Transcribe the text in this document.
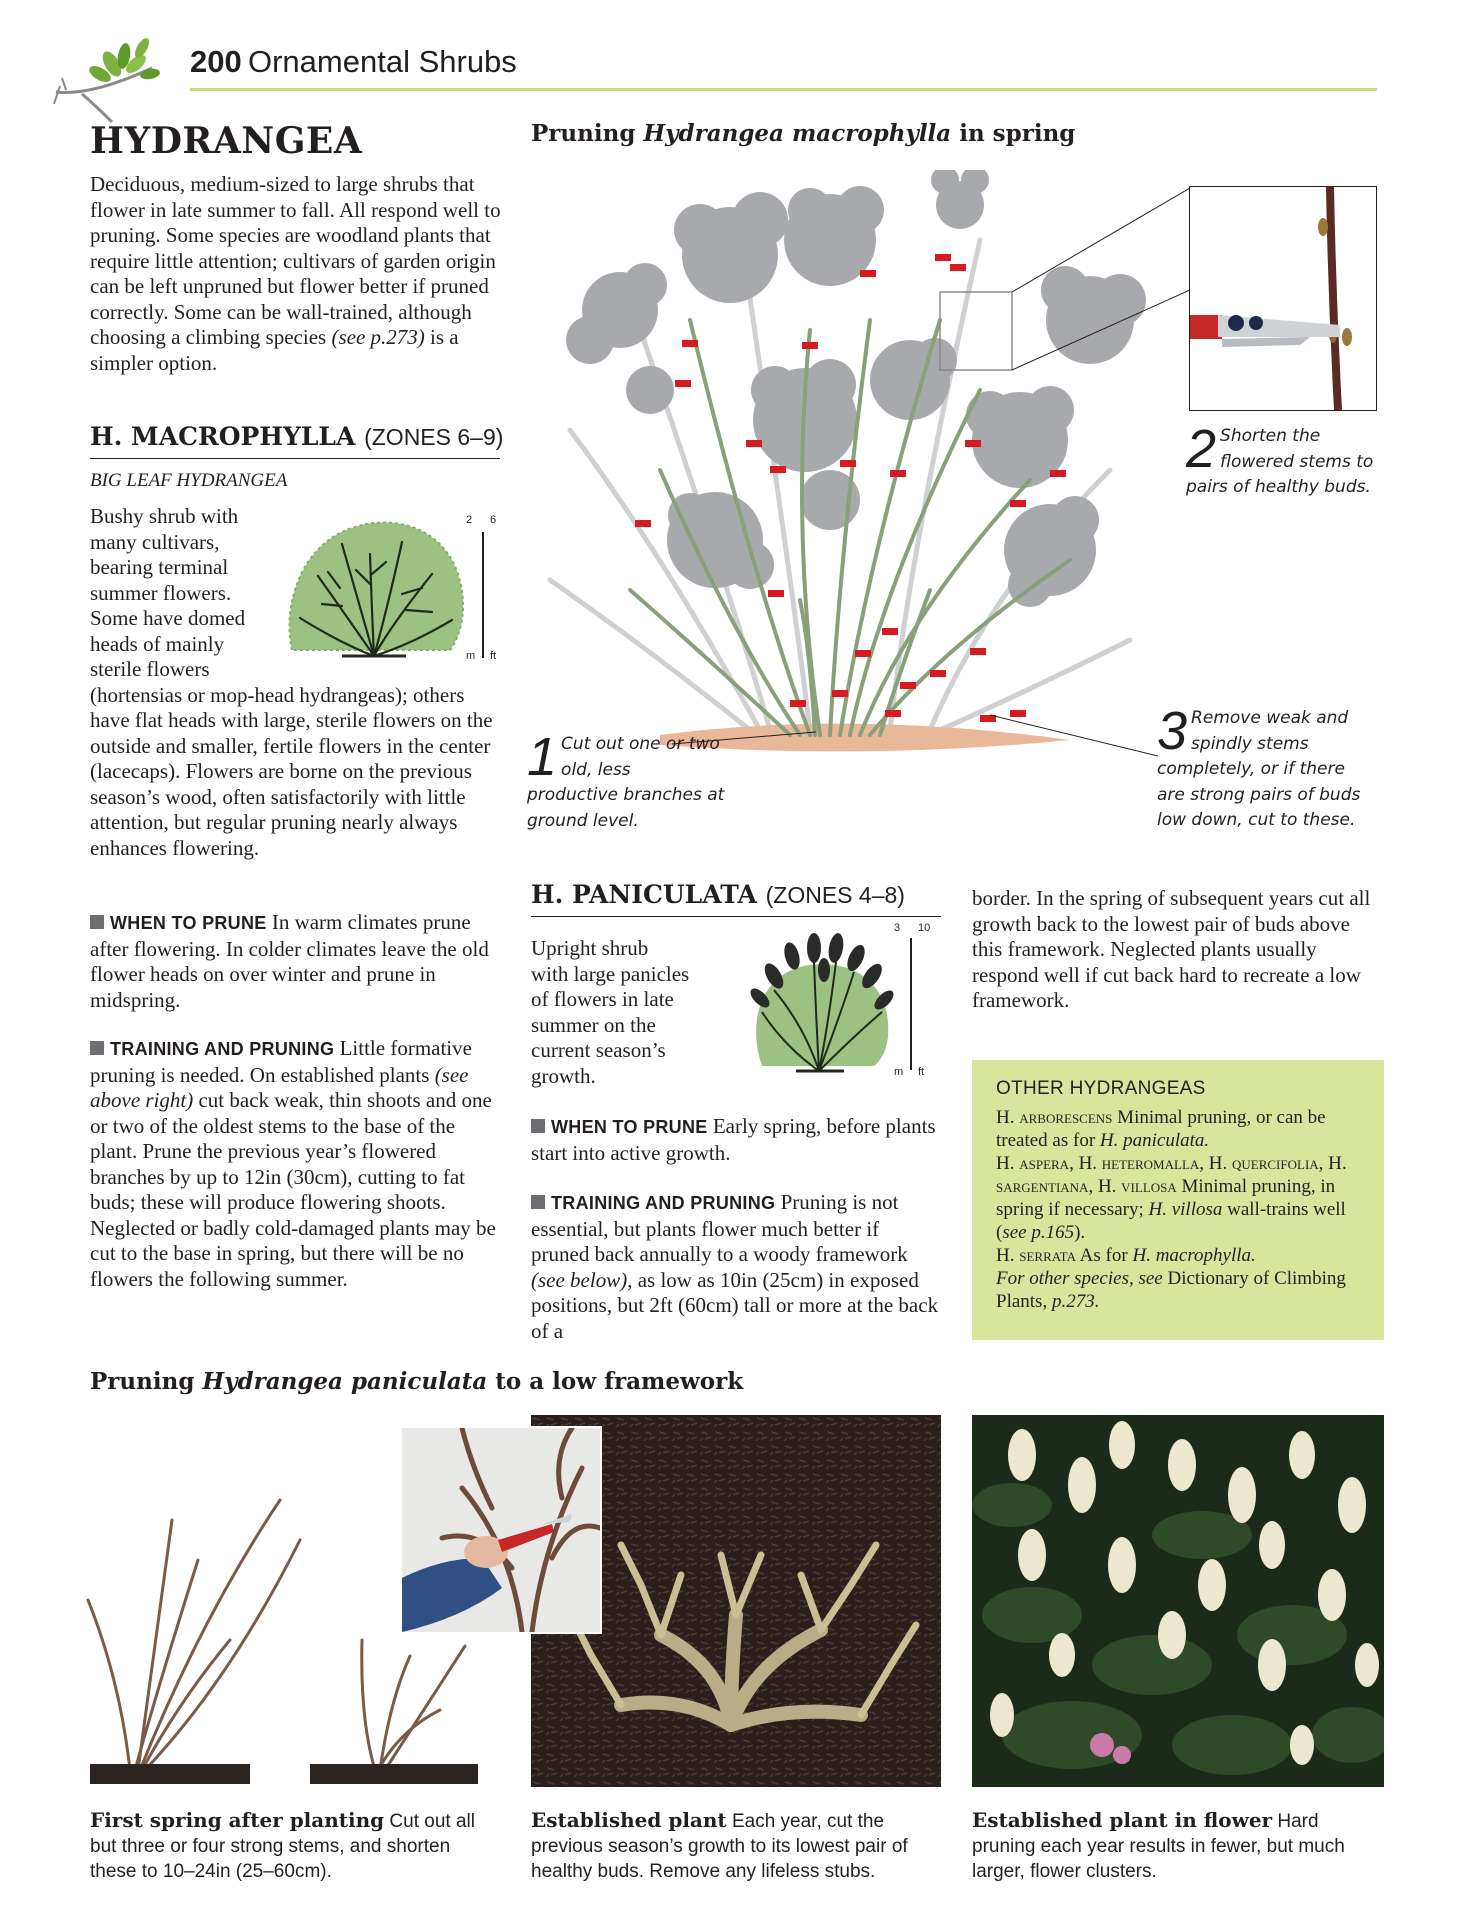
200 Ornamental Shrubs
HYDRANGEA
Deciduous, medium-sized to large shrubs that flower in late summer to fall. All respond well to pruning. Some species are woodland plants that require little attention; cultivars of garden origin can be left unpruned but flower better if pruned correctly. Some can be wall-trained, although choosing a climbing species (see p.273) is a simpler option.
H. MACROPHYLLA (ZONES 6–9)
BIG LEAF HYDRANGEA
2 6
m ft
Bushy shrub with
many cultivars,
bearing terminal
summer flowers.
Some have domed
heads of mainly
sterile flowers
(hortensias or mop-head hydrangeas); others have flat heads with large, sterile flowers on the outside and smaller, fertile flowers in the center (lacecaps). Flowers are borne on the previous season’s wood, often satisfactorily with little attention, but regular pruning nearly always enhances flowering.
WHEN TO PRUNE In warm climates prune after flowering. In colder climates leave the old flower heads on over winter and prune in midspring.
TRAINING AND PRUNING Little formative pruning is needed. On established plants (see above right) cut back weak, thin shoots and one or two of the oldest stems to the base of the plant. Prune the previous year’s flowered branches by up to 12in (30cm), cutting to fat buds; these will produce flowering shoots. Neglected or badly cold-damaged plants may be cut to the base in spring, but there will be no flowers the following summer.
Pruning Hydrangea macrophylla in spring
2 Shorten the flowered stems to pairs of healthy buds.
1 Cut out one or two old, less productive branches at ground level.
3 Remove weak and spindly stems completely, or if there are strong pairs of buds low down, cut to these.
H. PANICULATA (ZONES 4–8)
Upright shrub
with large panicles
of flowers in late
summer on the
current season’s
growth.
3 10
m ft
WHEN TO PRUNE Early spring, before plants start into active growth.
TRAINING AND PRUNING Pruning is not essential, but plants flower much better if pruned back annually to a woody framework (see below), as low as 10in (25cm) in exposed positions, but 2ft (60cm) tall or more at the back of a
border. In the spring of subsequent years cut all growth back to the lowest pair of buds above this framework. Neglected plants usually respond well if cut back hard to recreate a low framework.
OTHER HYDRANGEAS
H. arborescens Minimal pruning, or can be treated as for H. paniculata.
H. aspera, H. heteromalla, H. quercifolia, H. sargentiana, H. villosa Minimal pruning, in spring if necessary; H. villosa wall-trains well (see p.165).
H. serrata As for H. macrophylla.
For other species, see Dictionary of Climbing Plants, p.273.
Pruning Hydrangea paniculata to a low framework
First spring after planting Cut out all but three or four strong stems, and shorten these to 10–24in (25–60cm).
Established plant Each year, cut the previous season’s growth to its lowest pair of healthy buds. Remove any lifeless stubs.
Established plant in flower Hard pruning each year results in fewer, but much larger, flower clusters.
